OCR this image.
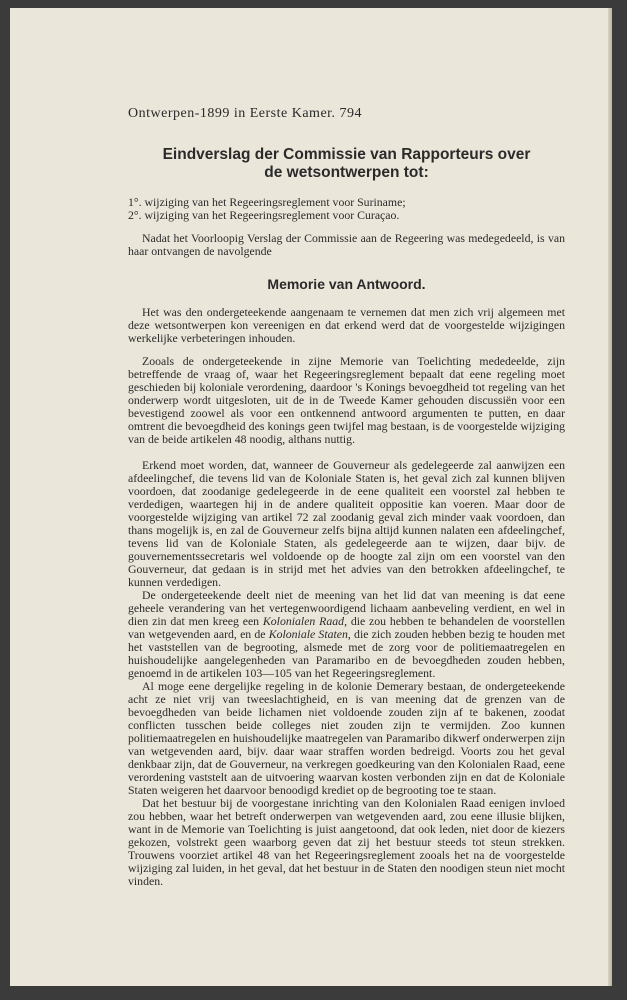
Ontwerpen-1899 in Eerste Kamer. 794
Eindverslag der Commissie van Rapporteurs over
de wetsontwerpen tot:
1°. wijziging van het Regeeringsreglement voor Suriname;
2°. wijziging van het Regeeringsreglement voor Curaçao.

Nadat het Voorloopig Verslag der Commissie aan de Regeering was medegedeeld, is van haar ontvangen de navolgende

Memorie van Antwoord.

Het was den ondergeteekende aangenaam te vernemen dat men zich vrij algemeen met deze wetsontwerpen kon vereenigen en dat erkend werd dat de voorgestelde wijzigingen werkelijke verbeteringen inhouden.

Zooals de ondergeteekende in zijne Memorie van Toelichting mededeelde, zijn betreffende de vraag of, waar het Regeeringsreglement bepaalt dat eene regeling moet geschieden bij koloniale verordening, daardoor 's Konings bevoegdheid tot regeling van het onderwerp wordt uitgesloten, uit de in de Tweede Kamer gehouden discussiën voor een bevestigend zoowel als voor een ontkennend antwoord argumenten te putten, en daar omtrent die bevoegdheid des konings geen twijfel mag bestaan, is de voorgestelde wijziging van de beide artikelen 48 noodig, althans nuttig.

Erkend moet worden, dat, wanneer de Gouverneur als gedelegeerde zal aanwijzen een afdeelingchef, die tevens lid van de Koloniale Staten is, het geval zich zal kunnen blijven voordoen, dat zoodanige gedelegeerde in de eene qualiteit een voorstel zal hebben te verdedigen, waartegen hij in de andere qualiteit oppositie kan voeren. Maar door de voorgestelde wijziging van artikel 72 zal zoodanig geval zich minder vaak voordoen, dan thans mogelijk is, en zal de Gouverneur zelfs bijna altijd kunnen nalaten een afdeelingchef, tevens lid van de Koloniale Staten, als gedelegeerde aan te wijzen, daar bijv. de gouvernementssecretaris wel voldoende op de hoogte zal zijn om een voorstel van den Gouverneur, dat gedaan is in strijd met het advies van den betrokken afdeelingchef, te kunnen verdedigen.

De ondergeteekende deelt niet de meening van het lid dat van meening is dat eene geheele verandering van het vertegenwoordigend lichaam aanbeveling verdient, en wel in dien zin dat men kreeg een Kolonialen Raad, die zou hebben te behandelen de voorstellen van wetgevenden aard, en de Koloniale Staten, die zich zouden hebben bezig te houden met het vaststellen van de begrooting, alsmede met de zorg voor de politiemaatregelen en huishoudelijke aangelegenheden van Paramaribo en de bevoegdheden zouden hebben, genoemd in de artikelen 103—105 van het Regeeringsreglement.

Al moge eene dergelijke regeling in de kolonie Demerary bestaan, de ondergeteekende acht ze niet vrij van tweeslachtigheid, en is van meening dat de grenzen van de bevoegdheden van beide lichamen niet voldoende zouden zijn af te bakenen, zoodat conflicten tusschen beide colleges niet zouden zijn te vermijden. Zoo kunnen politiemaatregelen en huishoudelijke maatregelen van Paramaribo dikwerf onderwerpen zijn van wetgevenden aard, bijv. daar waar straffen worden bedreigd. Voorts zou het geval denkbaar zijn, dat de Gouverneur, na verkregen goedkeuring van den Kolonialen Raad, eene verordening vaststelt aan de uitvoering waarvan kosten verbonden zijn en dat de Koloniale Staten weigeren het daarvoor benoodigd krediet op de begrooting toe te staan.

Dat het bestuur bij de voorgestane inrichting van den Kolonialen Raad eenigen invloed zou hebben, waar het betreft onderwerpen van wetgevenden aard, zou eene illusie blijken, want in de Memorie van Toelichting is juist aangetoond, dat ook leden, niet door de kiezers gekozen, volstrekt geen waarborg geven dat zij het bestuur steeds tot steun strekken. Trouwens voorziet artikel 48 van het Regeeringsreglement zooals het na de voorgestelde wijziging zal luiden, in het geval, dat het bestuur in de Staten den noodigen steun niet mocht vinden.
